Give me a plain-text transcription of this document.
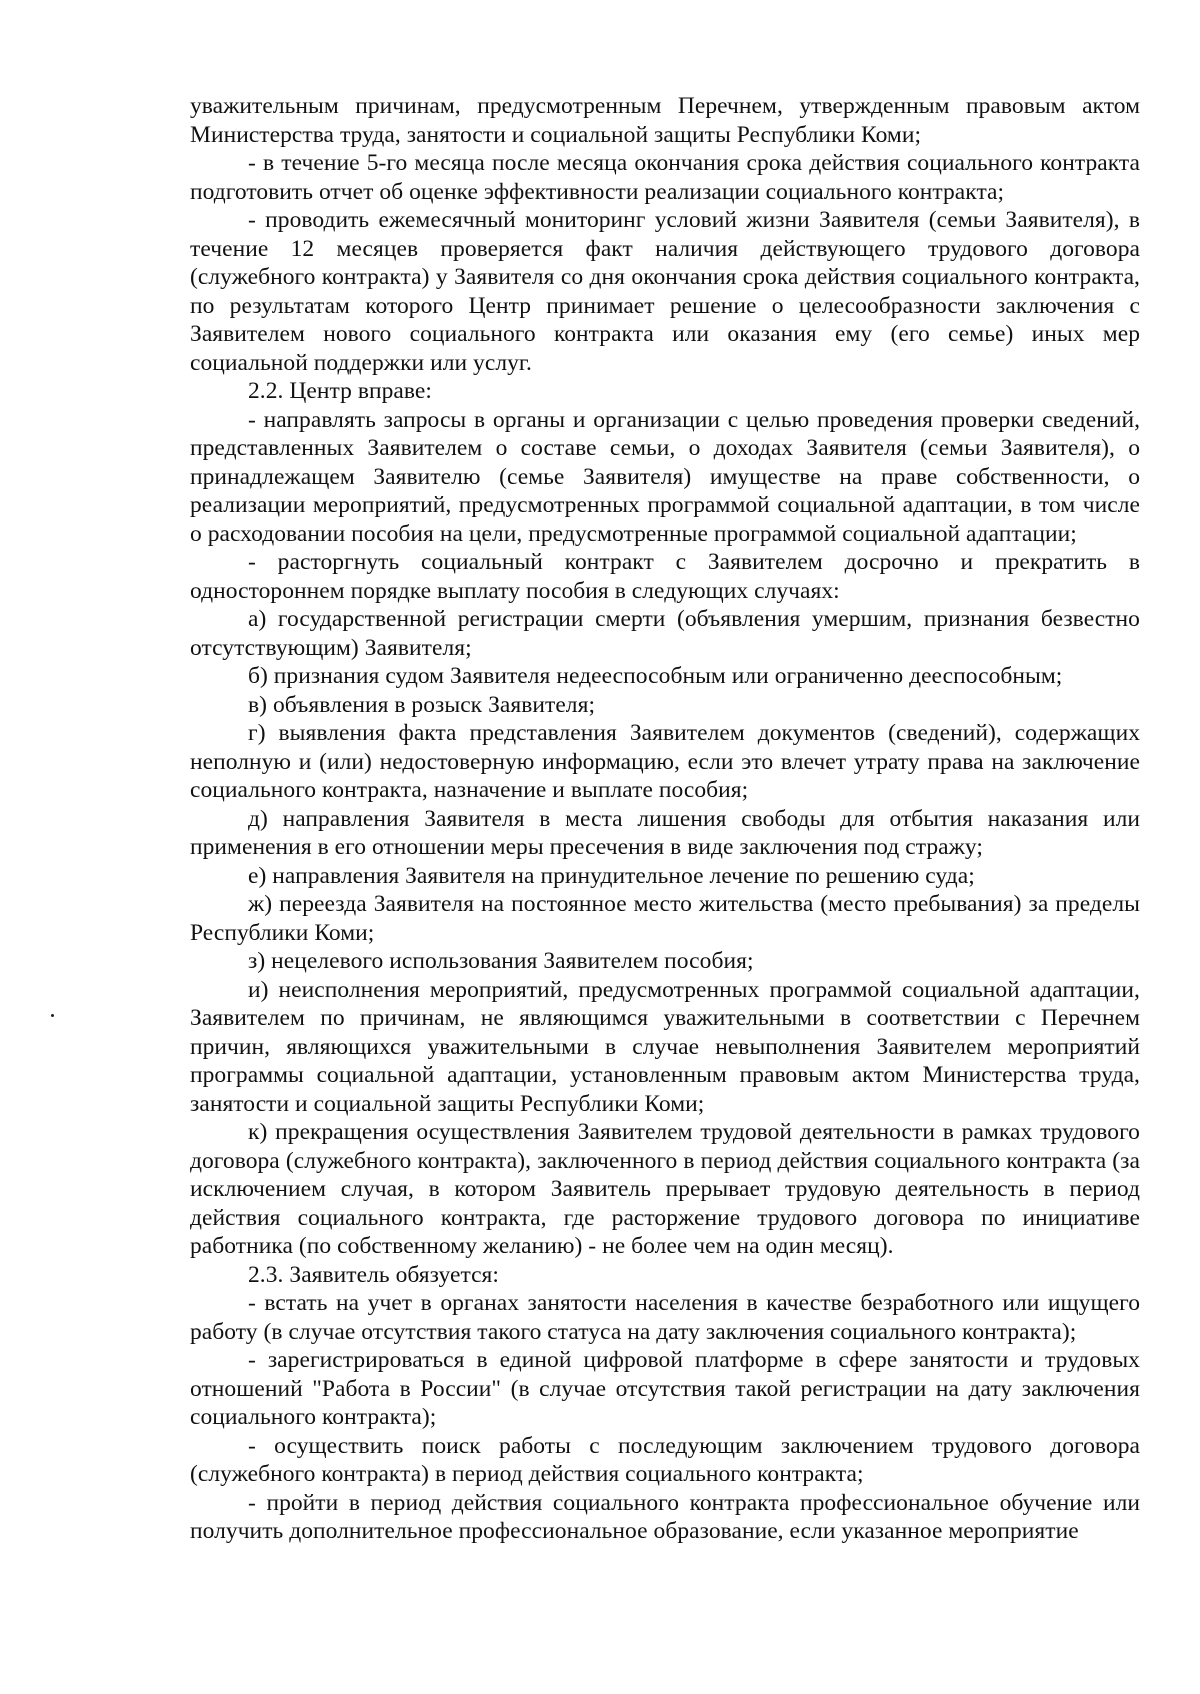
уважительным причинам, предусмотренным Перечнем, утвержденным правовым актом Министерства труда, занятости и социальной защиты Республики Коми;

- в течение 5-го месяца после месяца окончания срока действия социального контракта подготовить отчет об оценке эффективности реализации социального контракта;

- проводить ежемесячный мониторинг условий жизни Заявителя (семьи Заявителя), в течение 12 месяцев проверяется факт наличия действующего трудового договора (служебного контракта) у Заявителя со дня окончания срока действия социального контракта, по результатам которого Центр принимает решение о целесообразности заключения с Заявителем нового социального контракта или оказания ему (его семье) иных мер социальной поддержки или услуг.

2.2. Центр вправе:

- направлять запросы в органы и организации с целью проведения проверки сведений, представленных Заявителем о составе семьи, о доходах Заявителя (семьи Заявителя), о принадлежащем Заявителю (семье Заявителя) имуществе на праве собственности, о реализации мероприятий, предусмотренных программой социальной адаптации, в том числе о расходовании пособия на цели, предусмотренные программой социальной адаптации;

- расторгнуть социальный контракт с Заявителем досрочно и прекратить в одностороннем порядке выплату пособия в следующих случаях:

а) государственной регистрации смерти (объявления умершим, признания безвестно отсутствующим) Заявителя;

б) признания судом Заявителя недееспособным или ограниченно дееспособным;

в) объявления в розыск Заявителя;

г) выявления факта представления Заявителем документов (сведений), содержащих неполную и (или) недостоверную информацию, если это влечет утрату права на заключение социального контракта, назначение и выплате пособия;

д) направления Заявителя в места лишения свободы для отбытия наказания или применения в его отношении меры пресечения в виде заключения под стражу;

е) направления Заявителя на принудительное лечение по решению суда;

ж) переезда Заявителя на постоянное место жительства (место пребывания) за пределы Республики Коми;

з) нецелевого использования Заявителем пособия;

и) неисполнения мероприятий, предусмотренных программой социальной адаптации, Заявителем по причинам, не являющимся уважительными в соответствии с Перечнем причин, являющихся уважительными в случае невыполнения Заявителем мероприятий программы социальной адаптации, установленным правовым актом Министерства труда, занятости и социальной защиты Республики Коми;

к) прекращения осуществления Заявителем трудовой деятельности в рамках трудового договора (служебного контракта), заключенного в период действия социального контракта (за исключением случая, в котором Заявитель прерывает трудовую деятельность в период действия социального контракта, где расторжение трудового договора по инициативе работника (по собственному желанию) - не более чем на один месяц).

2.3. Заявитель обязуется:

- встать на учет в органах занятости населения в качестве безработного или ищущего работу (в случае отсутствия такого статуса на дату заключения социального контракта);

- зарегистрироваться в единой цифровой платформе в сфере занятости и трудовых отношений "Работа в России" (в случае отсутствия такой регистрации на дату заключения социального контракта);

- осуществить поиск работы с последующим заключением трудового договора (служебного контракта) в период действия социального контракта;

- пройти в период действия социального контракта профессиональное обучение или получить дополнительное профессиональное образование, если указанное мероприятие
